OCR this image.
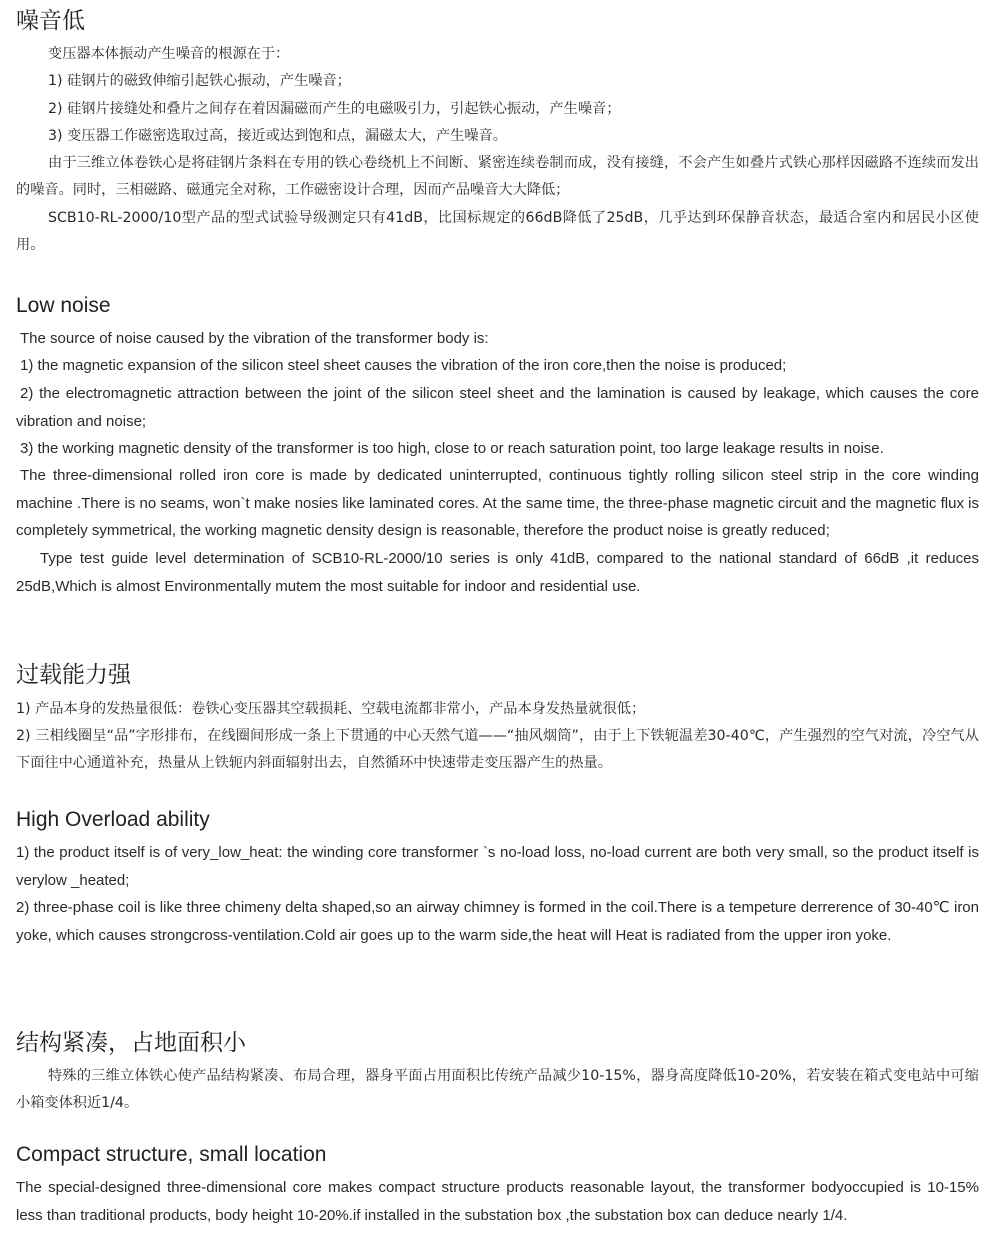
噪音低

变压器本体振动产生噪音的根源在于：

1) 硅钢片的磁致伸缩引起铁心振动，产生噪音；

2) 硅钢片接缝处和叠片之间存在着因漏磁而产生的电磁吸引力，引起铁心振动，产生噪音；

3) 变压器工作磁密选取过高，接近或达到饱和点，漏磁太大，产生噪音。

由于三维立体卷铁心是将硅钢片条料在专用的铁心卷绕机上不间断、紧密连续卷制而成，没有接缝，不会产生如叠片式铁心那样因磁路不连续而发出的噪音。同时，三相磁路、磁通完全对称，工作磁密设计合理，因而产品噪音大大降低；

SCB10-RL-2000/10型产品的型式试验导级测定只有41dB，比国标规定的66dB降低了25dB，几乎达到环保静音状态，最适合室内和居民小区使用。

Low noise

The source of noise caused by the vibration of the transformer body is:

1) the magnetic expansion of the silicon steel sheet causes the vibration of the iron core,then the noise is produced;

2) the electromagnetic attraction between the joint of the silicon steel sheet and the lamination is caused by leakage, which causes the core vibration and noise;

3) the working magnetic density of the transformer is too high, close to or reach saturation point, too large leakage results in noise.

The three-dimensional rolled iron core is made by dedicated uninterrupted, continuous tightly rolling silicon steel strip in the core winding machine .There is no seams, won`t make nosies like laminated cores. At the same time, the three-phase magnetic circuit and the magnetic flux is completely symmetrical, the working magnetic density design is reasonable, therefore the product noise is greatly reduced;

Type test guide level determination of SCB10-RL-2000/10 series is only 41dB, compared to the national standard of 66dB ,it reduces 25dB,Which is almost Environmentally mutem the most suitable for indoor and residential use.

过载能力强

1) 产品本身的发热量很低：卷铁心变压器其空载损耗、空载电流都非常小，产品本身发热量就很低；

2) 三相线圈呈“品”字形排布，在线圈间形成一条上下贯通的中心天然气道——“抽风烟筒”，由于上下铁轭温差30-40℃，产生强烈的空气对流，冷空气从下面往中心通道补充，热量从上铁轭内斜面辐射出去，自然循环中快速带走变压器产生的热量。

High Overload ability

1) the product itself is of very_low_heat: the winding core transformer `s no-load loss, no-load current are both very small, so the product itself is verylow _heated;

2) three-phase coil is like three chimeny delta shaped,so an airway chimney is formed in the coil.There is a tempeture derrerence of 30-40℃ iron yoke, which causes strongcross-ventilation.Cold air goes up to the warm side,the heat will Heat is radiated from the upper iron yoke.

结构紧凑，占地面积小

特殊的三维立体铁心使产品结构紧凑、布局合理，器身平面占用面积比传统产品减少10-15%，器身高度降低10-20%，若安装在箱式变电站中可缩小箱变体积近1/4。

Compact structure, small location

The special-designed three-dimensional core makes compact structure products reasonable layout, the transformer bodyoccupied is 10-15% less than traditional products, body height 10-20%.if installed in the substation box ,the substation box can deduce nearly 1/4.
